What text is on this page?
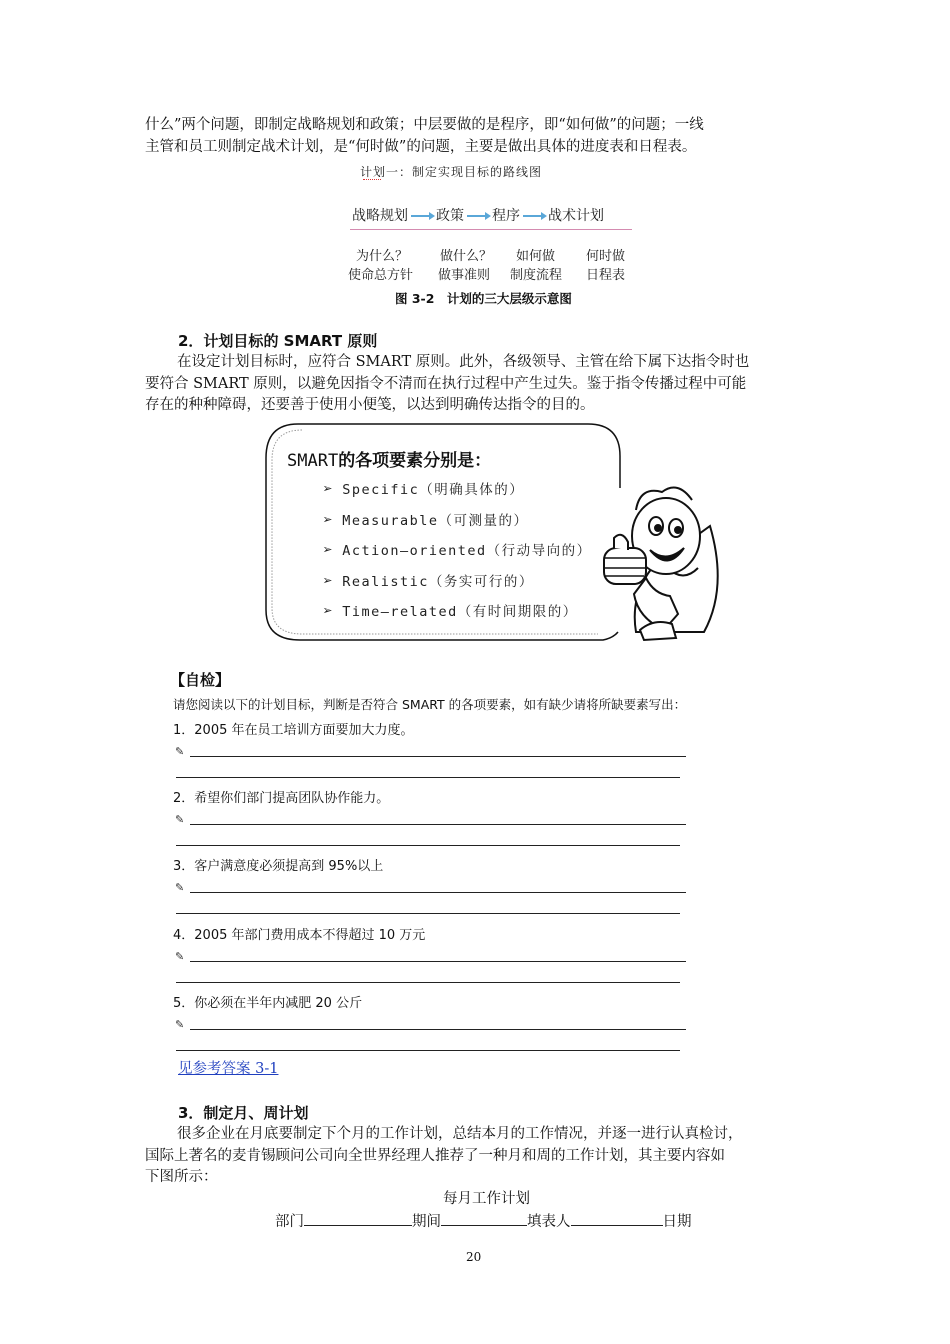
什么”两个问题，即制定战略规划和政策；中层要做的是程序，即“如何做”的问题；一线
主管和员工则制定战术计划，是“何时做”的问题，主要是做出具体的进度表和日程表。
计划一：制定实现目标的路线图
战略规划 政策 程序 战术计划
为什么？ 做什么？ 如何做 何时做
使命总方针 做事准则 制度流程 日程表
图 3-2　计划的三大层级示意图
2．计划目标的 SMART 原则
在设定计划目标时，应符合 SMART 原则。此外，各级领导、主管在给下属下达指令时也
要符合 SMART 原则，以避免因指令不清而在执行过程中产生过失。鉴于指令传播过程中可能
存在的种种障碍，还要善于使用小便笺，以达到明确传达指令的目的。
SMART的各项要素分别是：
➢ Specific（明确具体的）
➢ Measurable（可测量的）
➢ Action—oriented（行动导向的）
➢ Realistic（务实可行的）
➢ Time—related（有时间期限的）
【自检】
请您阅读以下的计划目标，判断是否符合 SMART 的各项要素，如有缺少请将所缺要素写出：
1．2005 年在员工培训方面要加大力度。
✎
2．希望你们部门提高团队协作能力。
✎
3．客户满意度必须提高到 95%以上
✎
4．2005 年部门费用成本不得超过 10 万元
✎
5．你必须在半年内减肥 20 公斤
✎
见参考答案 3-1
3．制定月、周计划
很多企业在月底要制定下个月的工作计划，总结本月的工作情况，并逐一进行认真检讨，
国际上著名的麦肯锡顾问公司向全世界经理人推荐了一种月和周的工作计划，其主要内容如
下图所示：
每月工作计划
部门	期间	填表人	日期
20
